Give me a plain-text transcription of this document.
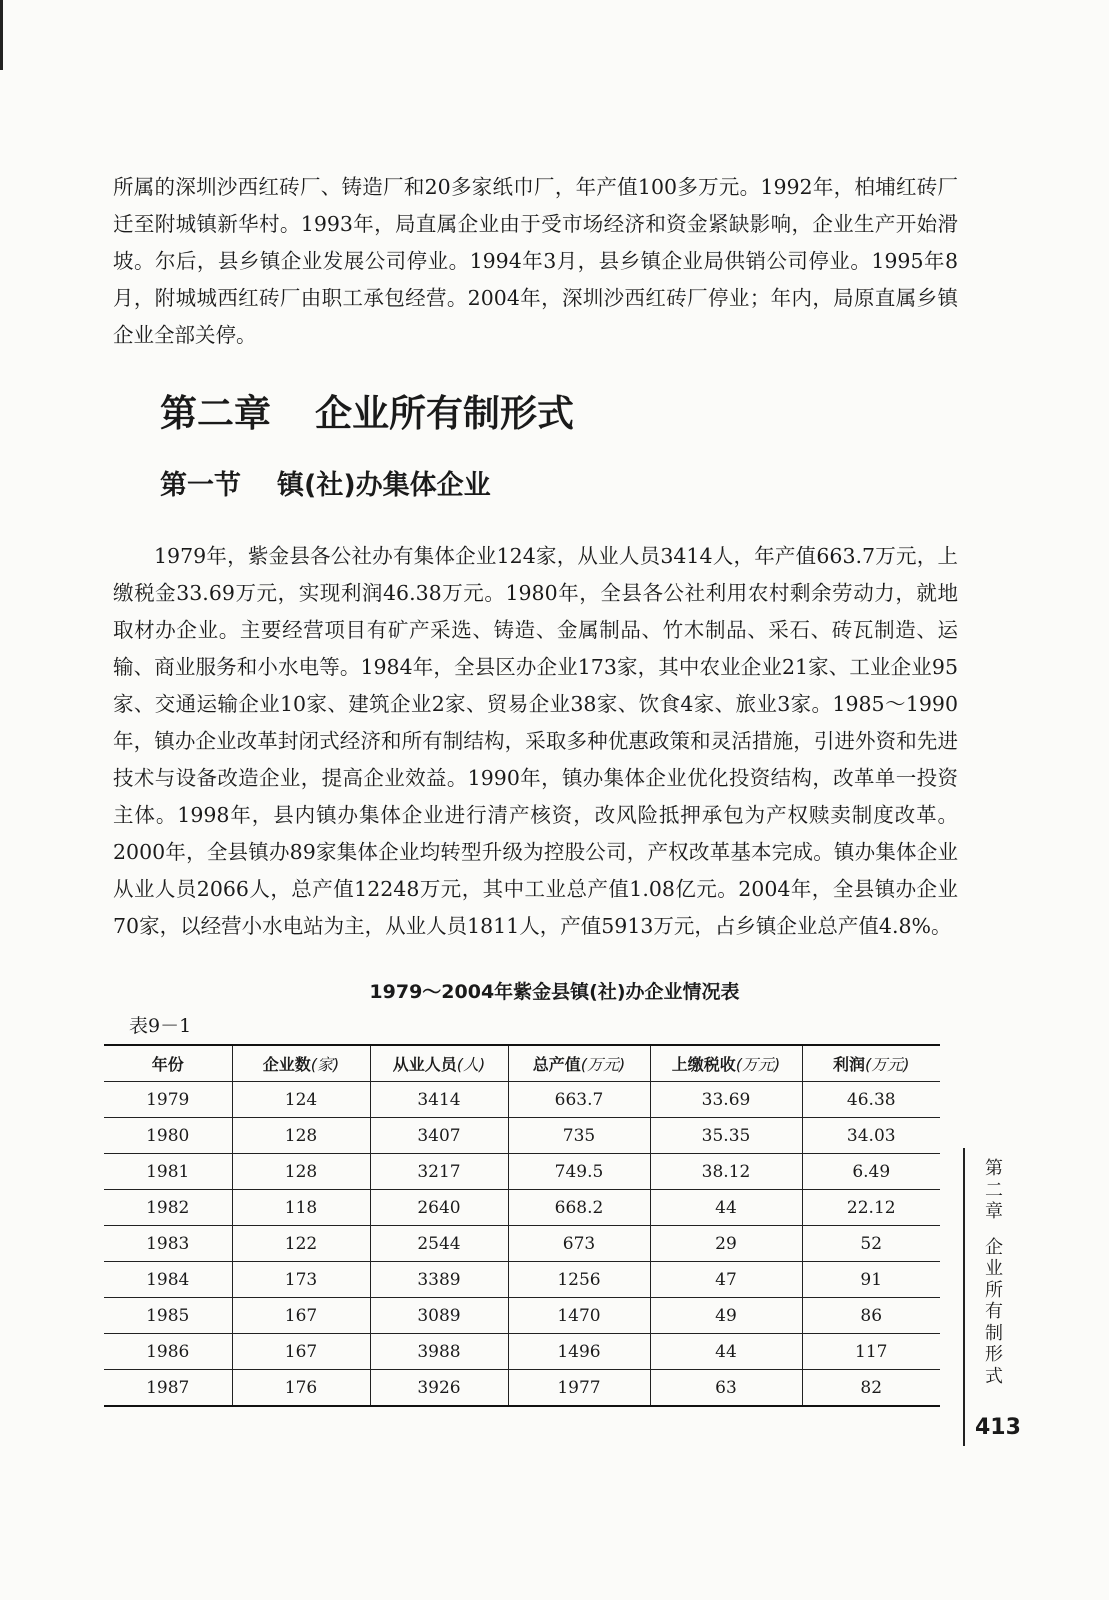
所属的深圳沙西红砖厂、铸造厂和20多家纸巾厂，年产值100多万元。1992年，柏埔红砖厂迁至附城镇新华村。1993年，局直属企业由于受市场经济和资金紧缺影响，企业生产开始滑坡。尔后，县乡镇企业发展公司停业。1994年3月，县乡镇企业局供销公司停业。1995年8月，附城城西红砖厂由职工承包经营。2004年，深圳沙西红砖厂停业；年内，局原直属乡镇企业全部关停。

第二章 企业所有制形式
第一节 镇(社)办集体企业

1979年，紫金县各公社办有集体企业124家，从业人员3414人，年产值663.7万元，上缴税金33.69万元，实现利润46.38万元。1980年，全县各公社利用农村剩余劳动力，就地取材办企业。主要经营项目有矿产采选、铸造、金属制品、竹木制品、采石、砖瓦制造、运输、商业服务和小水电等。1984年，全县区办企业173家，其中农业企业21家、工业企业95家、交通运输企业10家、建筑企业2家、贸易企业38家、饮食4家、旅业3家。1985～1990年，镇办企业改革封闭式经济和所有制结构，采取多种优惠政策和灵活措施，引进外资和先进技术与设备改造企业，提高企业效益。1990年，镇办集体企业优化投资结构，改革单一投资主体。1998年，县内镇办集体企业进行清产核资，改风险抵押承包为产权赎卖制度改革。2000年，全县镇办89家集体企业均转型升级为控股公司，产权改革基本完成。镇办集体企业从业人员2066人，总产值12248万元，其中工业总产值1.08亿元。2004年，全县镇办企业70家，以经营小水电站为主，从业人员1811人，产值5913万元，占乡镇企业总产值4.8%。

1979～2004年紫金县镇(社)办企业情况表
表9－1
年份	企业数(家)	从业人员(人)	总产值(万元)	上缴税收(万元)	利润(万元)
1979	124	3414	663.7	33.69	46.38
1980	128	3407	735	35.35	34.03
1981	128	3217	749.5	38.12	6.49
1982	118	2640	668.2	44	22.12
1983	122	2544	673	29	52
1984	173	3389	1256	47	91
1985	167	3089	1470	49	86
1986	167	3988	1496	44	117
1987	176	3926	1977	63	82
第
二
章
企
业
所
有
制
形
式
413
